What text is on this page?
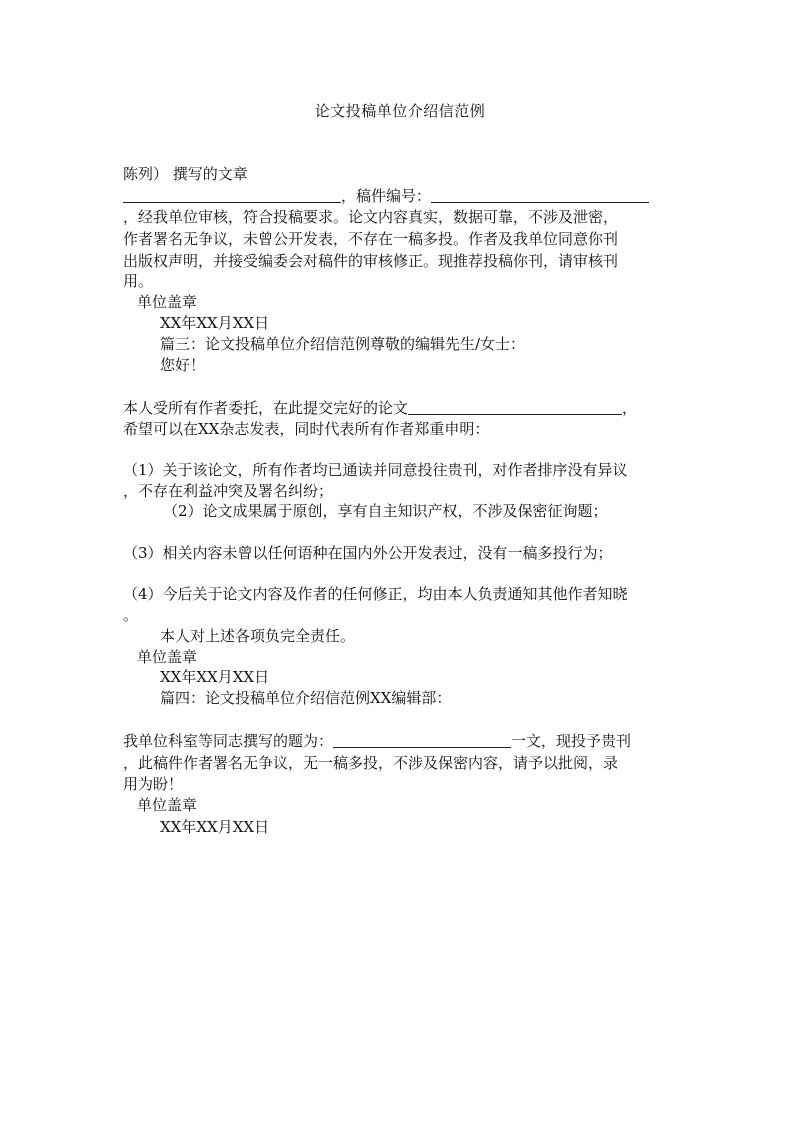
论文投稿单位介绍信范例
陈列） 撰写的文章
，稿件编号：
，经我单位审核，符合投稿要求。论文内容真实，数据可靠，不涉及泄密，
作者署名无争议，未曾公开发表，不存在一稿多投。作者及我单位同意你刊
出版权声明，并接受编委会对稿件的审核修正。现推荐投稿你刊，请审核刊
用。
单位盖章
XX年XX月XX日
篇三：论文投稿单位介绍信范例尊敬的编辑先生/女士：
您好！
本人受所有作者委托，在此提交完好的论文	，
希望可以在XX杂志发表，同时代表所有作者郑重申明：
（1）关于该论文，所有作者均已通读并同意投往贵刊，对作者排序没有异议
，不存在利益冲突及署名纠纷；
（2）论文成果属于原创，享有自主知识产权，不涉及保密征询题；
（3）相关内容未曾以任何语种在国内外公开发表过，没有一稿多投行为；
（4）今后关于论文内容及作者的任何修正，均由本人负责通知其他作者知晓
。
本人对上述各项负完全责任。
单位盖章
XX年XX月XX日
篇四：论文投稿单位介绍信范例XX编辑部：
我单位科室等同志撰写的题为：	一文，现投予贵刊
，此稿件作者署名无争议，无一稿多投，不涉及保密内容，请予以批阅，录
用为盼！
单位盖章
XX年XX月XX日
